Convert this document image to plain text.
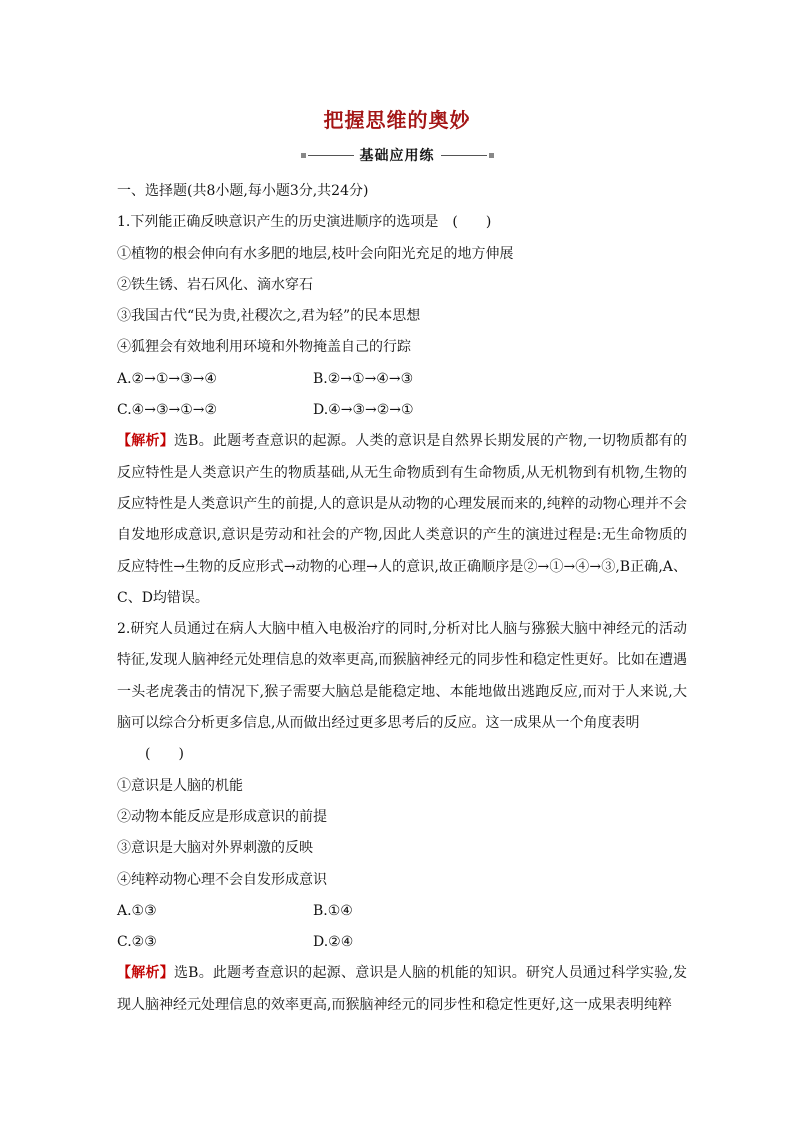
把握思维的奥妙
基础应用练
一、选择题(共8小题,每小题3分,共24分)
1.下列能正确反映意识产生的历史演进顺序的选项是　(　　)
①植物的根会伸向有水多肥的地层,枝叶会向阳光充足的地方伸展
②铁生锈、岩石风化、滴水穿石
③我国古代“民为贵,社稷次之,君为轻”的民本思想
④狐狸会有效地利用环境和外物掩盖自己的行踪
A.②→①→③→④	B.②→①→④→③
C.④→③→①→②	D.④→③→②→①
【解析】选B。此题考查意识的起源。人类的意识是自然界长期发展的产物,一切物质都有的反应特性是人类意识产生的物质基础,从无生命物质到有生命物质,从无机物到有机物,生物的反应特性是人类意识产生的前提,人的意识是从动物的心理发展而来的,纯粹的动物心理并不会自发地形成意识,意识是劳动和社会的产物,因此人类意识的产生的演进过程是:无生命物质的反应特性→生物的反应形式→动物的心理→人的意识,故正确顺序是②→①→④→③,B正确,A、C、D均错误。
2.研究人员通过在病人大脑中植入电极治疗的同时,分析对比人脑与猕猴大脑中神经元的活动特征,发现人脑神经元处理信息的效率更高,而猴脑神经元的同步性和稳定性更好。比如在遭遇一头老虎袭击的情况下,猴子需要大脑总是能稳定地、本能地做出逃跑反应,而对于人来说,大脑可以综合分析更多信息,从而做出经过更多思考后的反应。这一成果从一个角度表明
(　　)
①意识是人脑的机能
②动物本能反应是形成意识的前提
③意识是大脑对外界刺激的反映
④纯粹动物心理不会自发形成意识
A.①③	B.①④
C.②③	D.②④
【解析】选B。此题考查意识的起源、意识是人脑的机能的知识。研究人员通过科学实验,发现人脑神经元处理信息的效率更高,而猴脑神经元的同步性和稳定性更好,这一成果表明纯粹
